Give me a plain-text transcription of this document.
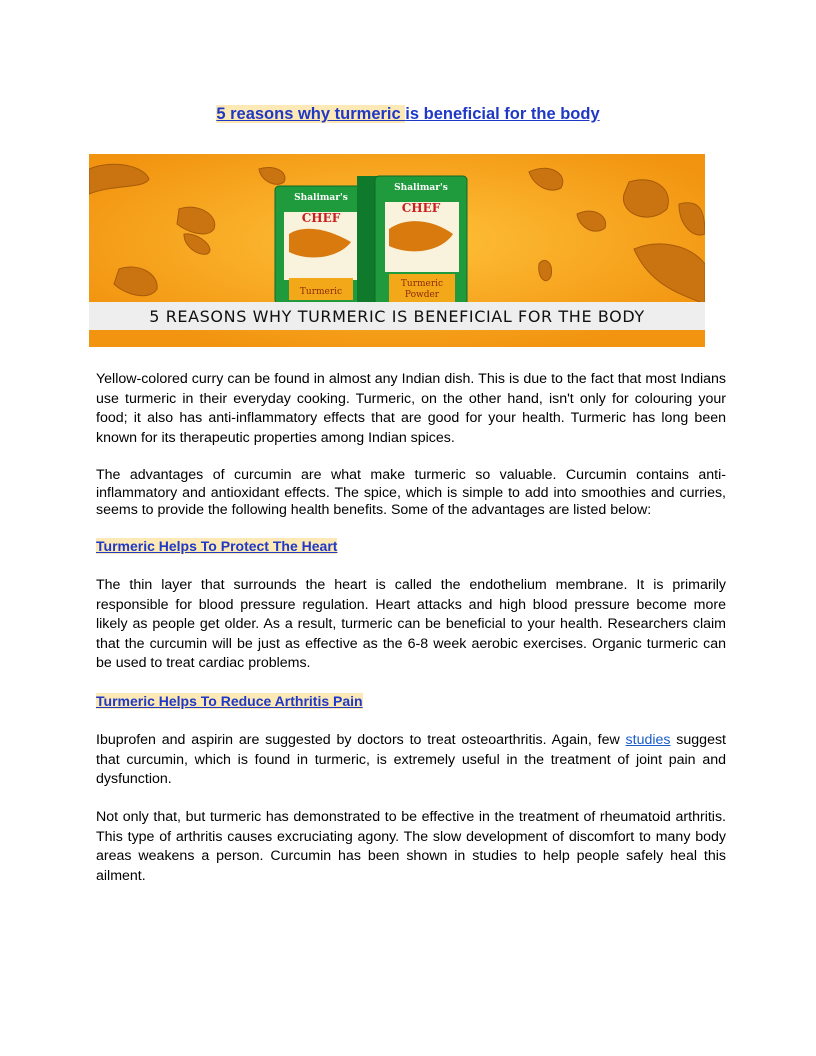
5 reasons why turmeric is beneficial for the body
Shalimar's
CHEF
Turmeric
Shalimar's
CHEF
Turmeric
Powder
5 REASONS WHY TURMERIC IS BENEFICIAL FOR THE BODY

Yellow-colored curry can be found in almost any Indian dish. This is due to the fact that most Indians use turmeric in their everyday cooking. Turmeric, on the other hand, isn't only for colouring your food; it also has anti-inflammatory effects that are good for your health. Turmeric has long been known for its therapeutic properties among Indian spices.

The advantages of curcumin are what make turmeric so valuable. Curcumin contains anti-inflammatory and antioxidant effects. The spice, which is simple to add into smoothies and curries, seems to provide the following health benefits. Some of the advantages are listed below:

Turmeric Helps To Protect The Heart

The thin layer that surrounds the heart is called the endothelium membrane. It is primarily responsible for blood pressure regulation. Heart attacks and high blood pressure become more likely as people get older. As a result, turmeric can be beneficial to your health. Researchers claim that the curcumin will be just as effective as the 6-8 week aerobic exercises. Organic turmeric can be used to treat cardiac problems.

Turmeric Helps To Reduce Arthritis Pain

Ibuprofen and aspirin are suggested by doctors to treat osteoarthritis. Again, few studies suggest that curcumin, which is found in turmeric, is extremely useful in the treatment of joint pain and dysfunction.

Not only that, but turmeric has demonstrated to be effective in the treatment of rheumatoid arthritis. This type of arthritis causes excruciating agony. The slow development of discomfort to many body areas weakens a person. Curcumin has been shown in studies to help people safely heal this ailment.
